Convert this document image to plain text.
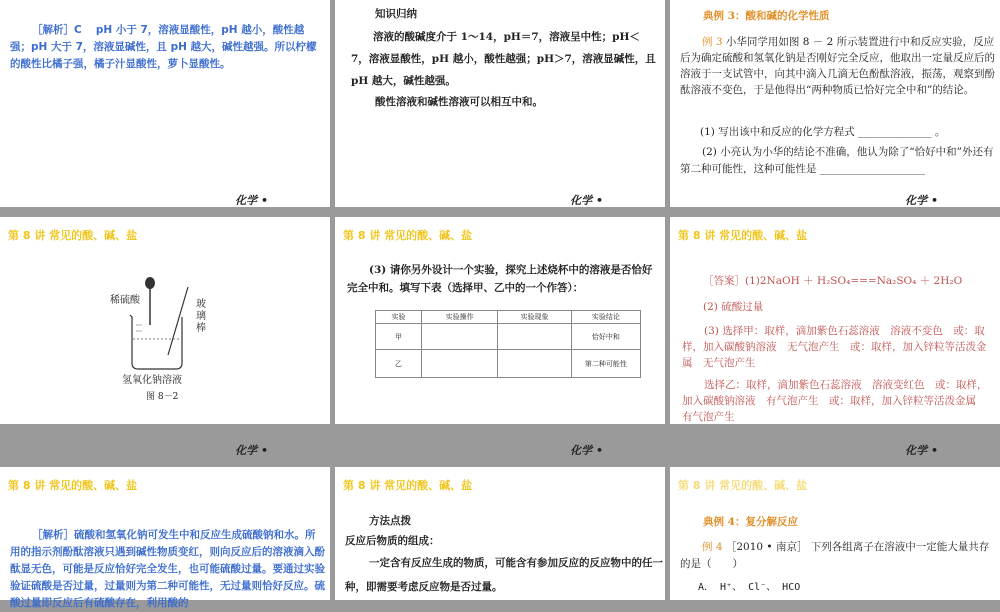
［解析］C　 pH 小于 7，溶液显酸性，pH 越小，酸性越强；pH 大于 7，溶液显碱性，且 pH 越大，碱性越强。所以柠檬的酸性比橘子强，橘子汁显酸性，萝卜显酸性。
化学 •
知识归纳
溶液的酸碱度介于 1～14，pH＝7，溶液呈中性；pH＜7，溶液显酸性，pH 越小，酸性越强；pH＞7，溶液显碱性，且 pH 越大，碱性越强。
酸性溶液和碱性溶液可以相互中和。
化学 •
典例 3：酸和碱的化学性质
例 3 小华同学用如图 8 － 2 所示装置进行中和反应实验，反应后为确定硫酸和氢氧化钠是否刚好完全反应，他取出一定量反应后的溶液于一支试管中，向其中滴入几滴无色酚酞溶液，振荡，观察到酚酞溶液不变色，于是他得出“两种物质已恰好完全中和”的结论。
(1) 写出该中和反应的化学方程式 ______________ 。
(2) 小亮认为小华的结论不准确，他认为除了“恰好中和”外还有第二种可能性，这种可能性是 ____________________
化学 •
第 8 讲 常见的酸、碱、盐
稀硫酸	玻璃棒
氢氧化钠溶液
图 8－2
化学 •
第 8 讲 常见的酸、碱、盐
(3) 请你另外设计一个实验，探究上述烧杯中的溶液是否恰好完全中和。填写下表（选择甲、乙中的一个作答）：
实验	实验操作	实验现象	实验结论
甲			恰好中和
乙			第二种可能性
化学 •
第 8 讲 常见的酸、碱、盐
［答案］(1)2NaOH ＋ H₂SO₄===Na₂SO₄ ＋ 2H₂O
(2) 硫酸过量
(3) 选择甲：取样，滴加紫色石蕊溶液　溶液不变色　或：取样，加入碳酸钠溶液　无气泡产生　或：取样，加入锌粒等活泼金属　无气泡产生
选择乙：取样，滴加紫色石蕊溶液　溶液变红色　或：取样，加入碳酸钠溶液　有气泡产生　或：取样，加入锌粒等活泼金属　有气泡产生
化学 •
第 8 讲 常见的酸、碱、盐
［解析］硫酸和氢氧化钠可发生中和反应生成硫酸钠和水。所用的指示剂酚酞溶液只遇到碱性物质变红，则向反应后的溶液滴入酚酞显无色，可能是反应恰好完全发生，也可能硫酸过量。要通过实验验证硫酸是否过量，过量则为第二种可能性，无过量则恰好反应。硫酸过量即反应后有硫酸存在，利用酸的
第 8 讲 常见的酸、碱、盐
方法点拨
反应后物质的组成：
一定含有反应生成的物质，可能含有参加反应的反应物中的任一种，即需要考虑反应物是否过量。
第 8 讲 常见的酸、碱、盐
典例 4：复分解反应
例 4 ［2010 • 南京］ 下列各组离子在溶液中一定能大量共存的是（　　）
A． H⁺、 Cl⁻、 HCO
